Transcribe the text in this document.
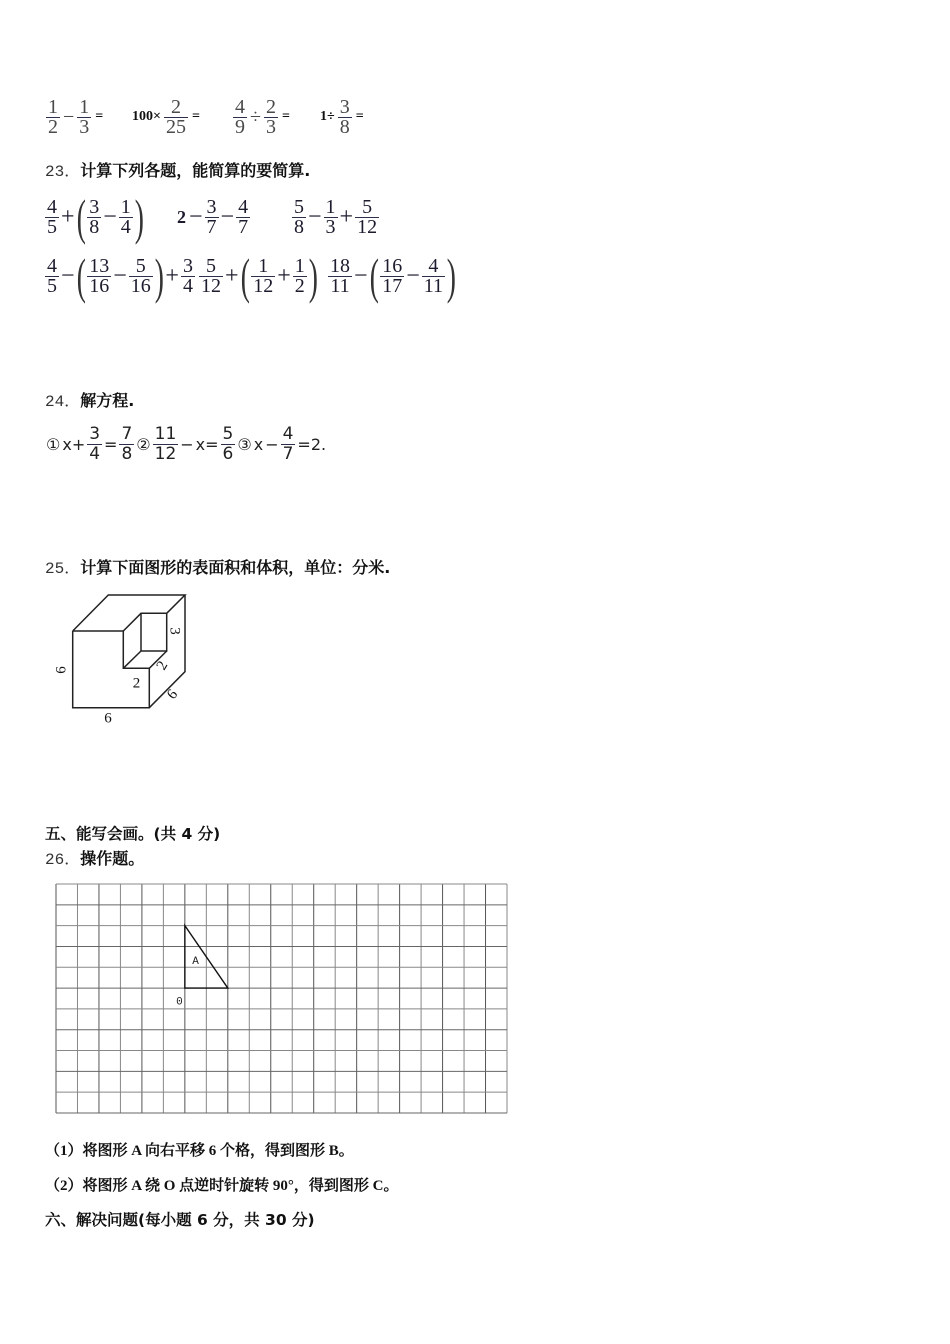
$\frac{1}{2} - \frac{1}{3} = 100\times \frac{2}{25} = \frac{4}{9} \div \frac{2}{3} = 1\div \frac{3}{8}$ =
23．计算下列各题，能简算的要简算.
$\frac{4}{5}$ + ( $\frac{3}{8} - \frac{1}{4}$ ) $2 - \frac{3}{7} - \frac{4}{7} \frac{5}{8} - \frac{1}{3} + \frac{5}{12}$
$\frac{4}{5}$ − ( $\frac{13}{16} - \frac{5}{16}$ ) + $\frac{3}{4} \frac{5}{12}$ + ( $\frac{1}{12} + \frac{1}{2}$ ) $\frac{18}{11}$ − ( $\frac{16}{17} - \frac{4}{11}$ )
24．解方程.
① $x+ \frac{3}{4} = \frac{7}{8}$ ② $\frac{11}{12} - x= \frac{5}{6}$ ③ $x - \frac{4}{7} =2$.
25．计算下面图形的表面积和体积，单位：分米.
6
6
2
2
3
6
五、能写会画。(共 4 分)
26．操作题。
A
0
（1）将图形 A 向右平移 6 个格，得到图形 B。
（2）将图形 A 绕 O 点逆时针旋转 90°，得到图形 C。
六、解决问题(每小题 6 分，共 30 分)
